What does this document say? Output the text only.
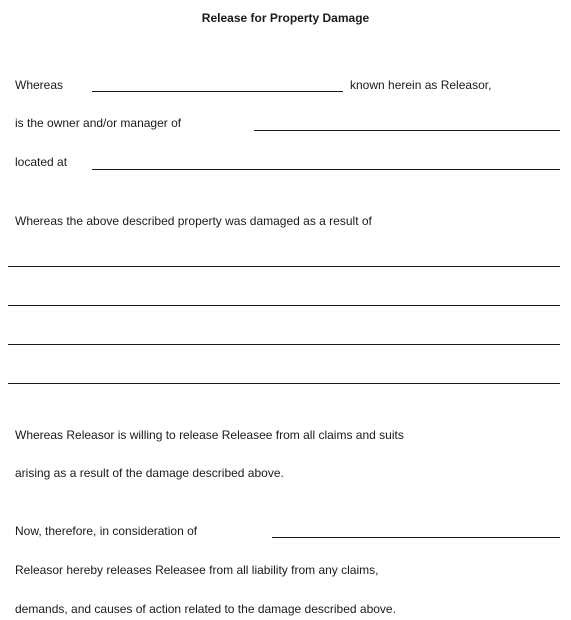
Release for Property Damage
Whereas	known herein as Releasor,
is the owner and/or manager of
located at
Whereas the above described property was damaged as a result of
Whereas Releasor is willing to release Releasee from all claims and suits
arising as a result of the damage described above.
Now, therefore, in consideration of
Releasor hereby releases Releasee from all liability from any claims,
demands, and causes of action related to the damage described above.
